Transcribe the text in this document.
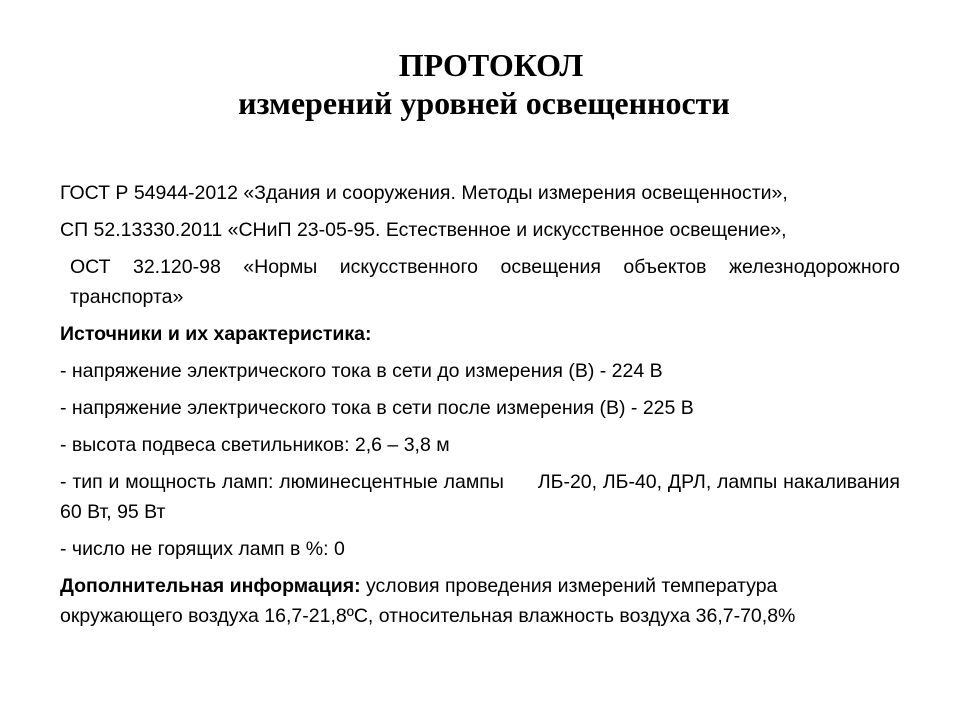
ПРОТОКОЛ
измерений уровней освещенности

ГОСТ Р 54944-2012 «Здания и сооружения. Методы измерения освещенности»,

СП 52.13330.2011 «СНиП 23-05-95. Естественное и искусственное освещение»,

ОСТ 32.120-98 «Нормы искусственного освещения объектов железнодорожного транспорта»

Источники и их характеристика:

- напряжение электрического тока в сети до измерения (В) - 224 В

- напряжение электрического тока в сети после измерения (В) - 225 В

- высота подвеса светильников: 2,6 – 3,8 м

- тип и мощность ламп: люминесцентные лампы ЛБ-20, ЛБ-40, ДРЛ, лампы накаливания 60 Вт, 95 Вт

- число не горящих ламп в %: 0

Дополнительная информация: условия проведения измерений температура окружающего воздуха 16,7-21,8ºС, относительная влажность воздуха 36,7-70,8%
